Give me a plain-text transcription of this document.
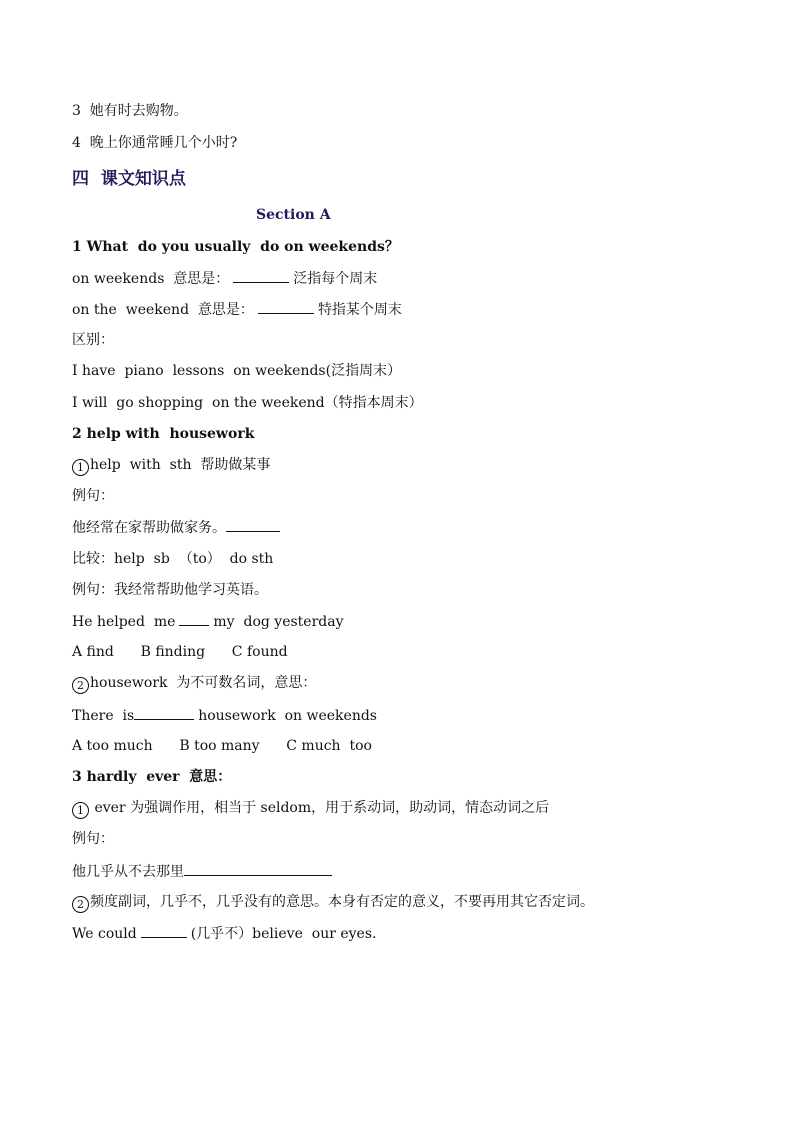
3  她有时去购物。
4  晚上你通常睡几个小时?
四  课文知识点
Section A
1 What  do you usually  do on weekends？
on weekends  意思是：	泛指每个周末
on the  weekend  意思是：	特指某个周末
区别：
I have  piano  lessons  on weekends(泛指周末）
I will  go shopping  on the weekend（特指本周末）
2 help with  housework
1 help  with  sth  帮助做某事
例句：
他经常在家帮助做家务。
比较：help  sb  （to）  do sth
例句：我经常帮助他学习英语。
He helped  me	my  dog yesterday
A find      B finding      C found
2 housework  为不可数名词，意思：
There  is	housework  on weekends
A too much      B too many      C much  too
3 hardly  ever  意思：
1 ever 为强调作用，相当于 seldom，用于系动词，助动词，情态动词之后
例句：
他几乎从不去那里
2 频度副词，几乎不，几乎没有的意思。本身有否定的意义，不要再用其它否定词。
We could	(几乎不）believe  our eyes.
